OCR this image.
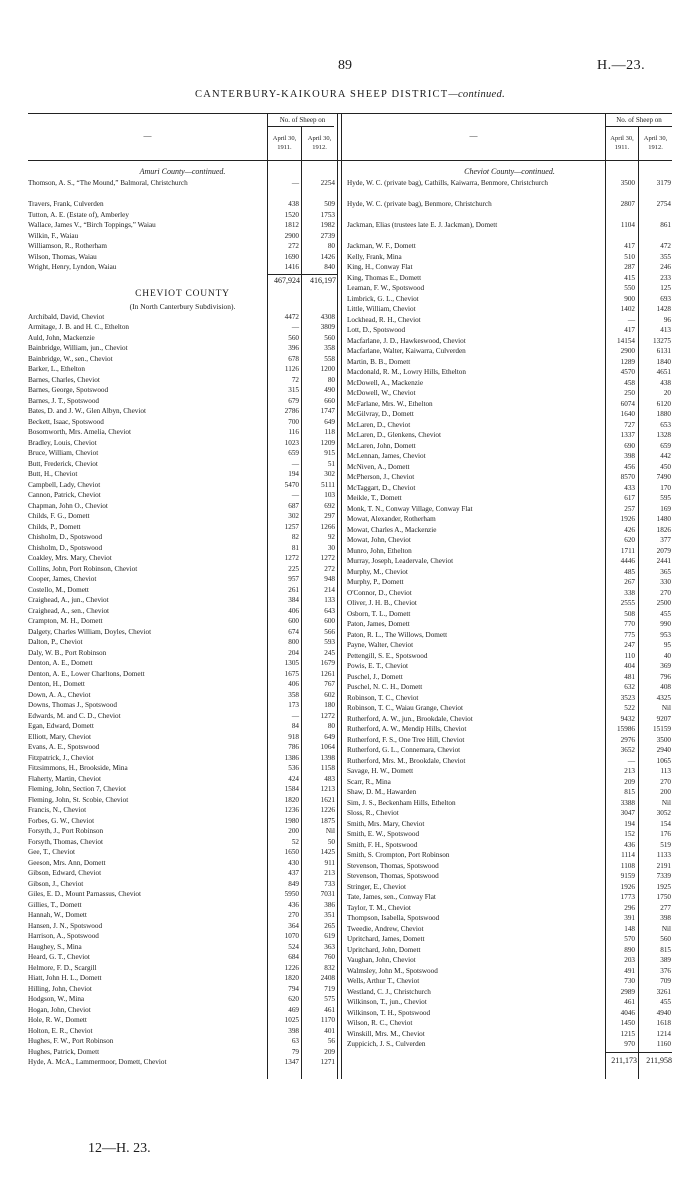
89	H.—23.
CANTERBURY-KAIKOURA SHEEP DISTRICT—continued.
—
No. of Sheep on
April 30, 1911.
April 30, 1912.
—
No. of Sheep on
April 30, 1911.
April 30, 1912.
Amuri County—continued.
Thomson, A. S., “The Mound,” Balmoral, Christchurch	—	2254
Travers, Frank, Culverden	438	509
Tutton, A. E. (Estate of), Amberley	1520	1753
Wallace, James V., “Birch Toppings,” Waiau	1812	1982
Wilkin, F., Waiau	2900	2739
Williamson, R., Rotherham	272	80
Wilson, Thomas, Waiau	1690	1426
Wright, Henry, Lyndon, Waiau	1416	840
467,924	416,197
CHEVIOT COUNTY
(In North Canterbury Subdivision).
Archibald, David, Cheviot	4472	4308
Armitage, J. B. and H. C., Ethelton	—	3809
Auld, John, Mackenzie	560	560
Bainbridge, William, jun., Cheviot	396	358
Bainbridge, W., sen., Cheviot	678	558
Barker, L., Ethelton	1126	1200
Barnes, Charles, Cheviot	72	80
Barnes, George, Spotswood	315	490
Barnes, J. T., Spotswood	679	660
Bates, D. and J. W., Glen Albyn, Cheviot	2786	1747
Beckett, Isaac, Spotswood	700	649
Bosomworth, Mrs. Amelia, Cheviot	116	118
Bradley, Louis, Cheviot	1023	1209
Bruce, William, Cheviot	659	915
Butt, Frederick, Cheviot	—	51
Butt, H., Cheviot	194	302
Campbell, Lady, Cheviot	5470	5111
Cannon, Patrick, Cheviot	—	103
Chapman, John O., Cheviot	687	692
Childs, F. G., Domett	302	297
Childs, P., Domett	1257	1266
Chisholm, D., Spotswood	82	92
Chisholm, D., Spotswood	81	30
Coakley, Mrs. Mary, Cheviot	1272	1272
Collins, John, Port Robinson, Cheviot	225	272
Cooper, James, Cheviot	957	948
Costello, M., Domett	261	214
Craighead, A., jun., Cheviot	384	133
Craighead, A., sen., Cheviot	406	643
Crampton, M. H., Domett	600	600
Dalgety, Charles William, Doyles, Cheviot	674	566
Dalton, P., Cheviot	800	593
Daly, W. B., Port Robinson	204	245
Denton, A. E., Domett	1305	1679
Denton, A. E., Lower Charltons, Domett	1675	1261
Denton, H., Domett	406	767
Down, A. A., Cheviot	358	602
Downs, Thomas J., Spotswood	173	180
Edwards, M. and C. D., Cheviot	—	1272
Egan, Edward, Domett	84	80
Elliott, Mary, Cheviot	918	649
Evans, A. E., Spotswood	786	1064
Fitzpatrick, J., Cheviot	1386	1398
Fitzsimmons, H., Brookside, Mina	536	1158
Flaherty, Martin, Cheviot	424	483
Fleming, John, Section 7, Cheviot	1584	1213
Fleming, John, St. Scobie, Cheviot	1820	1621
Francis, N., Cheviot	1236	1226
Forbes, G. W., Cheviot	1980	1875
Forsyth, J., Port Robinson	200	Nil
Forsyth, Thomas, Cheviot	52	50
Gee, T., Cheviot	1650	1425
Geeson, Mrs. Ann, Domett	430	911
Gibson, Edward, Cheviot	437	213
Gibson, J., Cheviot	849	733
Giles, E. D., Mount Parnassus, Cheviot	5950	7031
Gillies, T., Domett	436	386
Hannah, W., Domett	270	351
Hansen, J. N., Spotswood	364	265
Harrison, A., Spotswood	1070	619
Haughey, S., Mina	524	363
Heard, G. T., Cheviot	684	760
Helmore, F. D., Scargill	1226	832
Hiatt, John H. L., Domett	1820	2408
Hilling, John, Cheviot	794	719
Hodgson, W., Mina	620	575
Hogan, John, Cheviot	469	461
Hole, R. W., Domett	1025	1170
Holton, E. R., Cheviot	398	401
Hughes, F. W., Port Robinson	63	56
Hughes, Patrick, Domett	79	209
Hyde, A. McA., Lammermoor, Domett, Cheviot	1347	1271
Cheviot County—continued.
Hyde, W. C. (private bag), Cathills, Kaiwarra, Benmore, Christchurch	3500	3179
Hyde, W. C. (private bag), Benmore, Christchurch	2807	2754
Jackman, Elias (trustees late E. J. Jackman), Domett	1104	861
Jackman, W. F., Domett	417	472
Kelly, Frank, Mina	510	355
King, H., Conway Flat	287	246
King, Thomas E., Domett	415	233
Leaman, F. W., Spotswood	550	125
Limbrick, G. L., Cheviot	900	693
Little, William, Cheviot	1402	1428
Lockhead, R. H., Cheviot	—	96
Lott, D., Spotswood	417	413
Macfarlane, J. D., Hawkeswood, Cheviot	14154	13275
Macfarlane, Walter, Kaiwarra, Culverden	2900	6131
Martin, B. B., Domett	1289	1840
Macdonald, R. M., Lowry Hills, Ethelton	4570	4651
McDowell, A., Mackenzie	458	438
McDowell, W., Cheviot	250	20
McFarlane, Mrs. W., Ethelton	6074	6120
McGilvray, D., Domett	1640	1880
McLaren, D., Cheviot	727	653
McLaren, D., Glenkens, Cheviot	1337	1328
McLaren, John, Domett	690	659
McLennan, James, Cheviot	398	442
McNiven, A., Domett	456	450
McPherson, J., Cheviot	8570	7490
McTaggart, D., Cheviot	433	170
Meikle, T., Domett	617	595
Monk, T. N., Conway Village, Conway Flat	257	169
Mowat, Alexander, Rotherham	1926	1480
Mowat, Charles A., Mackenzie	426	1826
Mowat, John, Cheviot	620	377
Munro, John, Ethelton	1711	2079
Murray, Joseph, Leadervale, Cheviot	4446	2441
Murphy, M., Cheviot	485	365
Murphy, P., Domett	267	330
O'Connor, D., Cheviot	338	270
Oliver, J. H. B., Cheviot	2555	2500
Osborn, T. L., Domett	508	455
Paton, James, Domett	770	990
Paton, R. L., The Willows, Domett	775	953
Payne, Walter, Cheviot	247	95
Pettengill, S. E., Spotswood	110	40
Powis, E. T., Cheviot	404	369
Puschel, J., Domett	481	796
Puschel, N. C. H., Domett	632	408
Robinson, T. C., Cheviot	3523	4325
Robinson, T. C., Waiau Grange, Cheviot	522	Nil
Rutherford, A. W., jun., Brookdale, Cheviot	9432	9207
Rutherford, A. W., Mendip Hills, Cheviot	15986	15159
Rutherford, F. S., One Tree Hill, Cheviot	2976	3500
Rutherford, G. L., Connemara, Cheviot	3652	2940
Rutherford, Mrs. M., Brookdale, Cheviot	—	1065
Savage, H. W., Domett	213	113
Scarr, R., Mina	209	270
Shaw, D. M., Hawarden	815	200
Sim, J. S., Beckenham Hills, Ethelton	3388	Nil
Sloss, R., Cheviot	3047	3052
Smith, Mrs. Mary, Cheviot	194	154
Smith, E. W., Spotswood	152	176
Smith, F. H., Spotswood	436	519
Smith, S. Crompton, Port Robinson	1114	1133
Stevenson, Thomas, Spotswood	1108	2191
Stevenson, Thomas, Spotswood	9159	7339
Stringer, E., Cheviot	1926	1925
Tate, James, sen., Conway Flat	1773	1750
Taylor, T. M., Cheviot	296	277
Thompson, Isabella, Spotswood	391	398
Tweedie, Andrew, Cheviot	148	Nil
Upritchard, James, Domett	570	560
Upritchard, John, Domett	890	815
Vaughan, John, Cheviot	203	389
Walmsley, John M., Spotswood	491	376
Wells, Arthur T., Cheviot	730	709
Westland, C. J., Christchurch	2989	3261
Wilkinson, T., jun., Cheviot	461	455
Wilkinson, T. H., Spotswood	4046	4940
Wilson, R. C., Cheviot	1450	1618
Winskill, Mrs. M., Cheviot	1215	1214
Zuppicich, J. S., Culverden	970	1160
211,173	211,958
12—H. 23.
